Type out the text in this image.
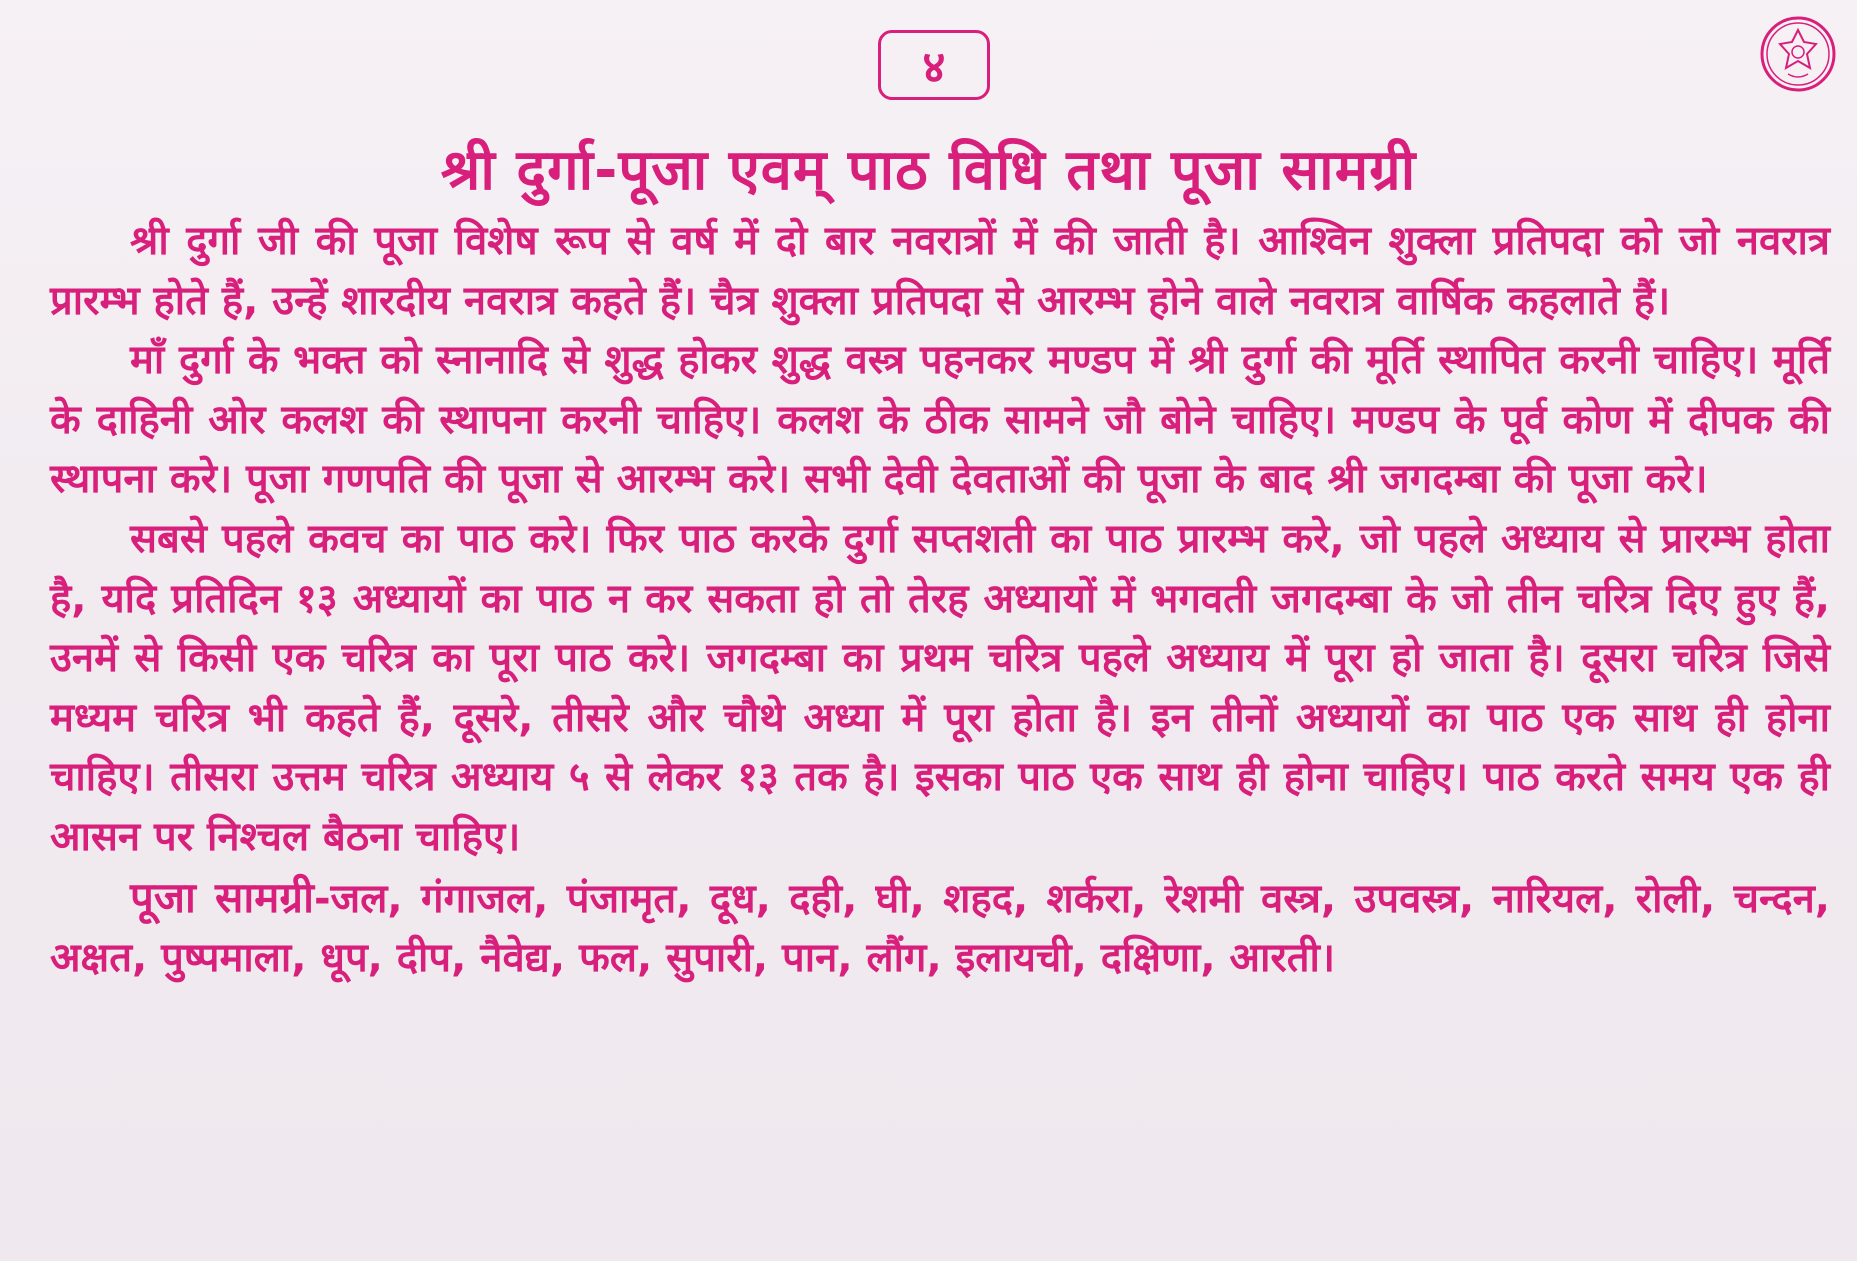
४
श्री दुर्गा-पूजा एवम् पाठ विधि तथा पूजा सामग्री

श्री दुर्गा जी की पूजा विशेष रूप से वर्ष में दो बार नवरात्रों में की जाती है। आश्विन शुक्ला प्रतिपदा को जो नवरात्र प्रारम्भ होते हैं, उन्हें शारदीय नवरात्र कहते हैं। चैत्र शुक्ला प्रतिपदा से आरम्भ होने वाले नवरात्र वार्षिक कहलाते हैं।

माँ दुर्गा के भक्त को स्नानादि से शुद्ध होकर शुद्ध वस्त्र पहनकर मण्डप में श्री दुर्गा की मूर्ति स्थापित करनी चाहिए। मूर्ति के दाहिनी ओर कलश की स्थापना करनी चाहिए। कलश के ठीक सामने जौ बोने चाहिए। मण्डप के पूर्व कोण में दीपक की स्थापना करे। पूजा गणपति की पूजा से आरम्भ करे। सभी देवी देवताओं की पूजा के बाद श्री जगदम्बा की पूजा करे।

सबसे पहले कवच का पाठ करे। फिर पाठ करके दुर्गा सप्तशती का पाठ प्रारम्भ करे, जो पहले अध्याय से प्रारम्भ होता है, यदि प्रतिदिन १३ अध्यायों का पाठ न कर सकता हो तो तेरह अध्यायों में भगवती जगदम्बा के जो तीन चरित्र दिए हुए हैं, उनमें से किसी एक चरित्र का पूरा पाठ करे। जगदम्बा का प्रथम चरित्र पहले अध्याय में पूरा हो जाता है। दूसरा चरित्र जिसे मध्यम चरित्र भी कहते हैं, दूसरे, तीसरे और चौथे अध्या में पूरा होता है। इन तीनों अध्यायों का पाठ एक साथ ही होना चाहिए। तीसरा उत्तम चरित्र अध्याय ५ से लेकर १३ तक है। इसका पाठ एक साथ ही होना चाहिए। पाठ करते समय एक ही आसन पर निश्चल बैठना चाहिए।

पूजा सामग्री-जल, गंगाजल, पंजामृत, दूध, दही, घी, शहद, शर्करा, रेशमी वस्त्र, उपवस्त्र, नारियल, रोली, चन्दन, अक्षत, पुष्पमाला, धूप, दीप, नैवेद्य, फल, सुपारी, पान, लौंग, इलायची, दक्षिणा, आरती।
